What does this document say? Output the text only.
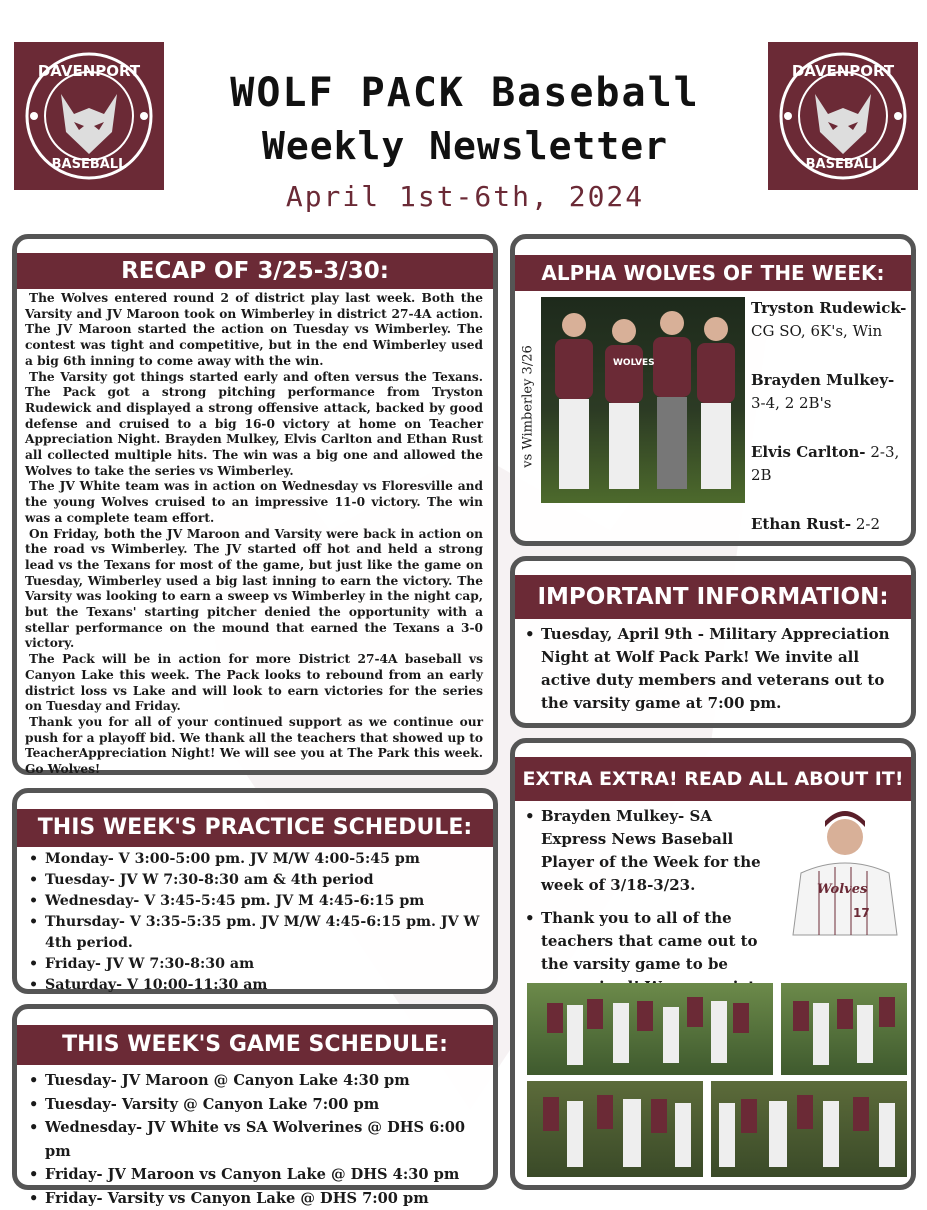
DAVENPORT
BASEBALL
DAVENPORT
BASEBALL
WOLF PACK Baseball
Weekly Newsletter
April 1st-6th, 2024
RECAP OF 3/25-3/30:

The Wolves entered round 2 of district play last week. Both the Varsity and JV Maroon took on Wimberley in district 27-4A action. The JV Maroon started the action on Tuesday vs Wimberley. The contest was tight and competitive, but in the end Wimberley used a big 6th inning to come away with the win.

The Varsity got things started early and often versus the Texans. The Pack got a strong pitching performance from Tryston Rudewick and displayed a strong offensive attack, backed by good defense and cruised to a big 16-0 victory at home on Teacher Appreciation Night. Brayden Mulkey, Elvis Carlton and Ethan Rust all collected multiple hits. The win was a big one and allowed the Wolves to take the series vs Wimberley.

The JV White team was in action on Wednesday vs Floresville and the young Wolves cruised to an impressive 11-0 victory. The win was a complete team effort.

On Friday, both the JV Maroon and Varsity were back in action on the road vs Wimberley. The JV started off hot and held a strong lead vs the Texans for most of the game, but just like the game on Tuesday, Wimberley used a big last inning to earn the victory. The Varsity was looking to earn a sweep vs Wimberley in the night cap, but the Texans' starting pitcher denied the opportunity with a stellar performance on the mound that earned the Texans a 3-0 victory.

The Pack will be in action for more District 27-4A baseball vs Canyon Lake this week. The Pack looks to rebound from an early district loss vs Lake and will look to earn victories for the series on Tuesday and Friday.

Thank you for all of your continued support as we continue our push for a playoff bid. We thank all the teachers that showed up to TeacherAppreciation Night! We will see you at The Park this week. Go Wolves!

THIS WEEK'S PRACTICE SCHEDULE:
• Monday- V 3:00-5:00 pm. JV M/W 4:00-5:45 pm
• Tuesday- JV W 7:30-8:30 am & 4th period
• Wednesday- V 3:45-5:45 pm. JV M 4:45-6:15 pm
• Thursday- V 3:35-5:35 pm. JV M/W 4:45-6:15 pm. JV W 4th period.
• Friday- JV W 7:30-8:30 am
• Saturday- V 10:00-11:30 am
THIS WEEK'S GAME SCHEDULE:
• Tuesday- JV Maroon @ Canyon Lake 4:30 pm
• Tuesday- Varsity @ Canyon Lake 7:00 pm
• Wednesday- JV White vs SA Wolverines @ DHS 6:00 pm
• Friday- JV Maroon vs Canyon Lake @ DHS 4:30 pm
• Friday- Varsity vs Canyon Lake @ DHS 7:00 pm
ALPHA WOLVES OF THE WEEK:
vs Wimberley 3/26	WOLVES
Tryston Rudewick- CG SO, 6K's, Win
Brayden Mulkey- 3-4, 2 2B's
Elvis Carlton- 2-3, 2B
Ethan Rust- 2-2
IMPORTANT INFORMATION:
• Tuesday, April 9th - Military Appreciation Night at Wolf Pack Park! We invite all active duty members and veterans out to the varsity game at 7:00 pm.
EXTRA EXTRA! READ ALL ABOUT IT!
• Brayden Mulkey- SA Express News Baseball Player of the Week for the week of 3/18-3/23.
• Thank you to all of the teachers that came out to the varsity game to be
Wolves
17
